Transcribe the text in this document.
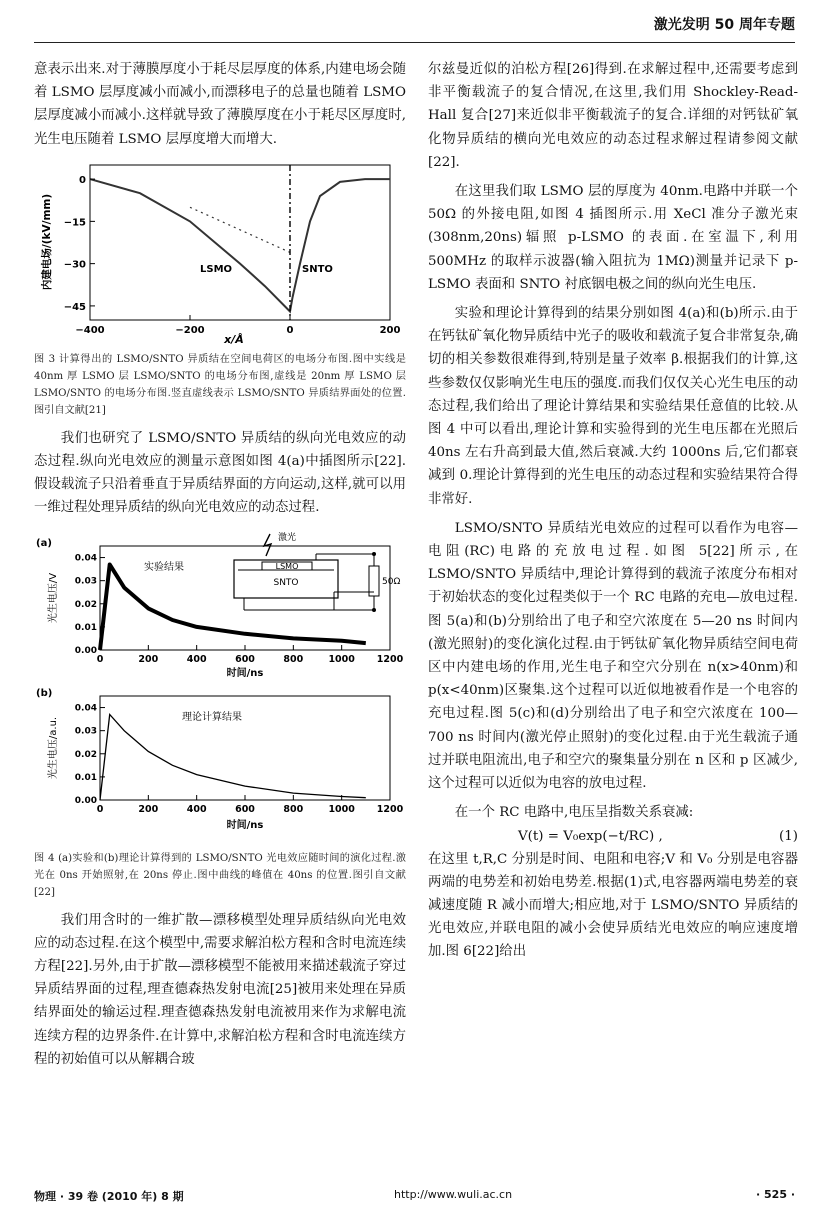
激光发明 50 周年专题

意表示出来.对于薄膜厚度小于耗尽层厚度的体系,内建电场会随着 LSMO 层厚度减小而减小,而漂移电子的总量也随着 LSMO 层厚度减小而减小.这样就导致了薄膜厚度在小于耗尽区厚度时,光生电压随着 LSMO 层厚度增大而增大.

−400	−200	0	200
0
−15
−30
−45
LSMO	SNTO
x/Å
内建电场/(kV/mm)

图 3 计算得出的 LSMO/SNTO 异质结在空间电荷区的电场分布图.图中实线是 40nm 厚 LSMO 层 LSMO/SNTO 的电场分布图,虚线是 20nm 厚 LSMO 层 LSMO/SNTO 的电场分布图.竖直虚线表示 LSMO/SNTO 异质结界面处的位置.图引自文献[21]

我们也研究了 LSMO/SNTO 异质结的纵向光电效应的动态过程.纵向光电效应的测量示意图如图 4(a)中插图所示[22].假设载流子只沿着垂直于异质结界面的方向运动,这样,就可以用一维过程处理异质结的纵向光电效应的动态过程.

(a)
(b)
0	200	400	600	800	1000 1200
0.00
0.01
0.02
0.03
0.04
实验结果
光生电压/V
时间/ns
激光
LSMO
SNTO	50Ω
0	200	400	600	800	1000 1200
0.00
0.01
0.02
0.03
0.04
理论计算结果
光生电压/a.u.
时间/ns

图 4 (a)实验和(b)理论计算得到的 LSMO/SNTO 光电效应随时间的演化过程.激光在 0ns 开始照射,在 20ns 停止.图中曲线的峰值在 40ns 的位置.图引自文献[22]

我们用含时的一维扩散—漂移模型处理异质结纵向光电效应的动态过程.在这个模型中,需要求解泊松方程和含时电流连续方程[22].另外,由于扩散—漂移模型不能被用来描述载流子穿过异质结界面的过程,理查德森热发射电流[25]被用来处理在异质结界面处的输运过程.理查德森热发射电流被用来作为求解电流连续方程的边界条件.在计算中,求解泊松方程和含时电流连续方程的初始值可以从解耦合玻

尔兹曼近似的泊松方程[26]得到.在求解过程中,还需要考虑到非平衡载流子的复合情况,在这里,我们用 Shockley-Read-Hall 复合[27]来近似非平衡载流子的复合.详细的对钙钛矿氧化物异质结的横向光电效应的动态过程求解过程请参阅文献[22].

在这里我们取 LSMO 层的厚度为 40nm.电路中并联一个 50Ω 的外接电阻,如图 4 插图所示.用 XeCl 准分子激光束(308nm,20ns)辐照 p-LSMO 的表面.在室温下,利用 500MHz 的取样示波器(输入阻抗为 1MΩ)测量并记录下 p-LSMO 表面和 SNTO 衬底铟电极之间的纵向光生电压.

实验和理论计算得到的结果分别如图 4(a)和(b)所示.由于在钙钛矿氧化物异质结中光子的吸收和载流子复合非常复杂,确切的相关参数很难得到,特别是量子效率 β.根据我们的计算,这些参数仅仅影响光生电压的强度.而我们仅仅关心光生电压的动态过程,我们给出了理论计算结果和实验结果任意值的比较.从图 4 中可以看出,理论计算和实验得到的光生电压都在光照后 40ns 左右升高到最大值,然后衰减.大约 1000ns 后,它们都衰减到 0.理论计算得到的光生电压的动态过程和实验结果符合得非常好.

LSMO/SNTO 异质结光电效应的过程可以看作为电容—电阻(RC)电路的充放电过程.如图 5[22]所示,在 LSMO/SNTO 异质结中,理论计算得到的载流子浓度分布相对于初始状态的变化过程类似于一个 RC 电路的充电—放电过程.图 5(a)和(b)分别给出了电子和空穴浓度在 5—20 ns 时间内(激光照射)的变化演化过程.由于钙钛矿氧化物异质结空间电荷区中内建电场的作用,光生电子和空穴分别在 n(x>40nm)和 p(x<40nm)区聚集.这个过程可以近似地被看作是一个电容的充电过程.图 5(c)和(d)分别给出了电子和空穴浓度在 100—700 ns 时间内(激光停止照射)的变化过程.由于光生载流子通过并联电阻流出,电子和空穴的聚集量分别在 n 区和 p 区减少,这个过程可以近似为电容的放电过程.

在一个 RC 电路中,电压呈指数关系衰减:

V(t) = V₀exp(−t/RC) ,	(1)

在这里 t,R,C 分别是时间、电阻和电容;V 和 V₀ 分别是电容器两端的电势差和初始电势差.根据(1)式,电容器两端电势差的衰减速度随 R 减小而增大;相应地,对于 LSMO/SNTO 异质结的光电效应,并联电阻的减小会使异质结光电效应的响应速度增加.图 6[22]给出

物理 · 39 卷 (2010 年) 8 期	http://www.wuli.ac.cn	· 525 ·
